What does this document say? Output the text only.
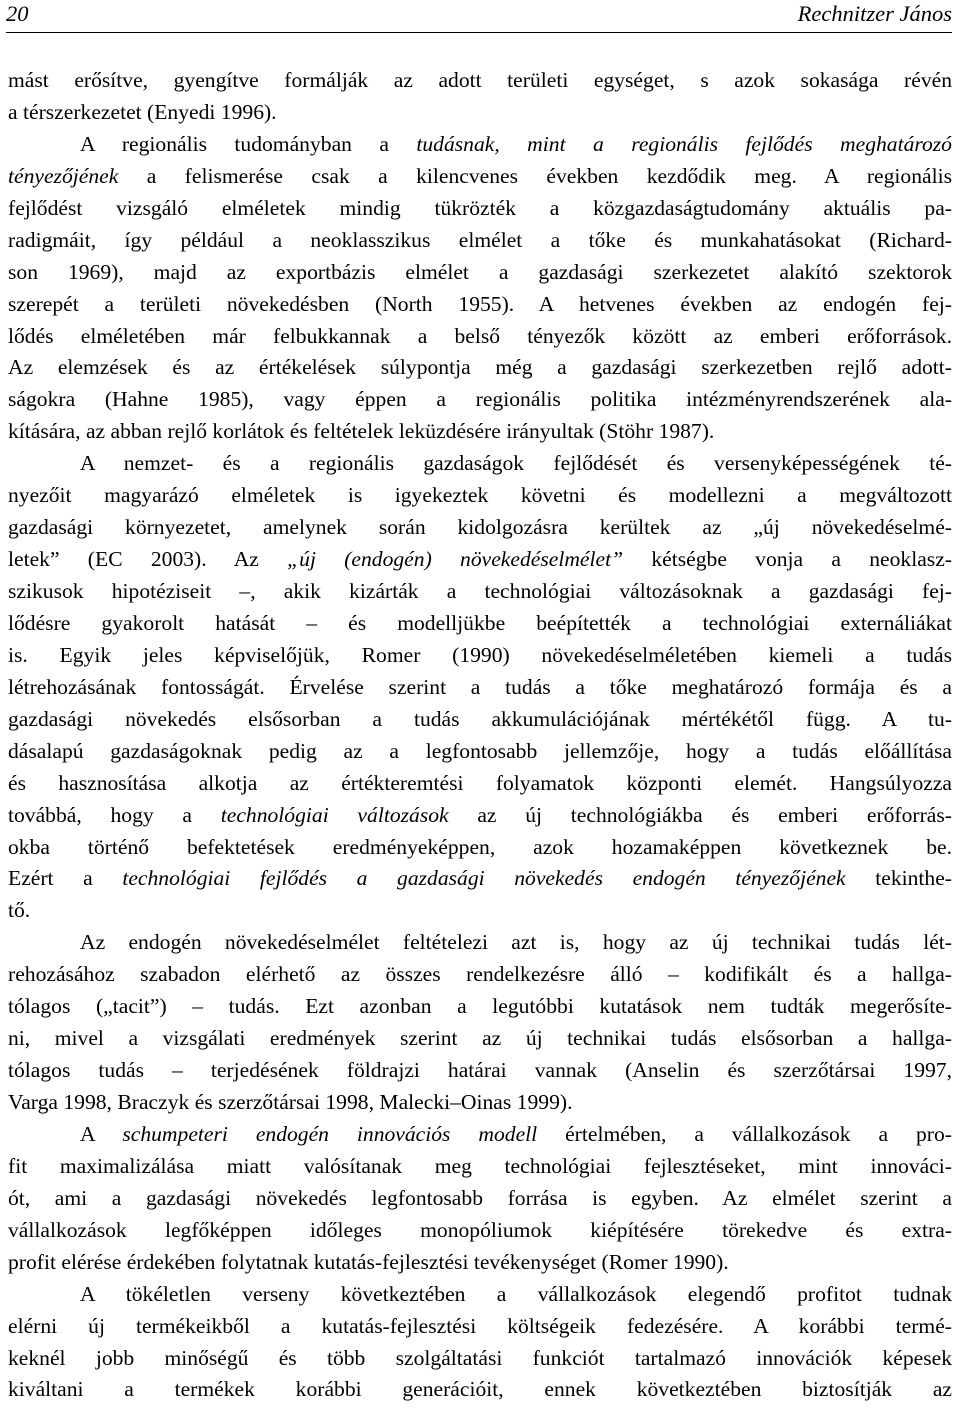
20	Rechnitzer János
mást erősítve, gyengítve formálják az adott területi egységet, s azok sokasága révén
a térszerkezetet (Enyedi 1996).
A regionális tudományban a tudásnak, mint a regionális fejlődés meghatározó
tényezőjének a felismerése csak a kilencvenes években kezdődik meg. A regionális
fejlődést vizsgáló elméletek mindig tükrözték a közgazdaságtudomány aktuális pa-
radigmáit, így például a neoklasszikus elmélet a tőke és munkahatásokat (Richard-
son 1969), majd az exportbázis elmélet a gazdasági szerkezetet alakító szektorok
szerepét a területi növekedésben (North 1955). A hetvenes években az endogén fej-
lődés elméletében már felbukkannak a belső tényezők között az emberi erőforrások.
Az elemzések és az értékelések súlypontja még a gazdasági szerkezetben rejlő adott-
ságokra (Hahne 1985), vagy éppen a regionális politika intézményrendszerének ala-
kítására, az abban rejlő korlátok és feltételek leküzdésére irányultak (Stöhr 1987).
A nemzet- és a regionális gazdaságok fejlődését és versenyképességének té-
nyezőit magyarázó elméletek is igyekeztek követni és modellezni a megváltozott
gazdasági környezetet, amelynek során kidolgozásra kerültek az „új növekedéselmé-
letek” (EC 2003). Az „új (endogén) növekedéselmélet” kétségbe vonja a neoklasz-
szikusok hipotéziseit –, akik kizárták a technológiai változásoknak a gazdasági fej-
lődésre gyakorolt hatását – és modelljükbe beépítették a technológiai externáliákat
is. Egyik jeles képviselőjük, Romer (1990) növekedéselméletében kiemeli a tudás
létrehozásának fontosságát. Érvelése szerint a tudás a tőke meghatározó formája és a
gazdasági növekedés elsősorban a tudás akkumulációjának mértékétől függ. A tu-
dásalapú gazdaságoknak pedig az a legfontosabb jellemzője, hogy a tudás előállítása
és hasznosítása alkotja az értékteremtési folyamatok központi elemét. Hangsúlyozza
továbbá, hogy a technológiai változások az új technológiákba és emberi erőforrás-
okba történő befektetések eredményeképpen, azok hozamaképpen következnek be.
Ezért a technológiai fejlődés a gazdasági növekedés endogén tényezőjének tekinthe-
tő.
Az endogén növekedéselmélet feltételezi azt is, hogy az új technikai tudás lét-
rehozásához szabadon elérhető az összes rendelkezésre álló – kodifikált és a hallga-
tólagos („tacit”) – tudás. Ezt azonban a legutóbbi kutatások nem tudták megerősíte-
ni, mivel a vizsgálati eredmények szerint az új technikai tudás elsősorban a hallga-
tólagos tudás – terjedésének földrajzi határai vannak (Anselin és szerzőtársai 1997,
Varga 1998, Braczyk és szerzőtársai 1998, Malecki–Oinas 1999).
A schumpeteri endogén innovációs modell értelmében, a vállalkozások a pro-
fit maximalizálása miatt valósítanak meg technológiai fejlesztéseket, mint innováci-
ót, ami a gazdasági növekedés legfontosabb forrása is egyben. Az elmélet szerint a
vállalkozások legfőképpen időleges monopóliumok kiépítésére törekedve és extra-
profit elérése érdekében folytatnak kutatás-fejlesztési tevékenységet (Romer 1990).
A tökéletlen verseny következtében a vállalkozások elegendő profitot tudnak
elérni új termékeikből a kutatás-fejlesztési költségeik fedezésére. A korábbi termé-
keknél jobb minőségű és több szolgáltatási funkciót tartalmazó innovációk képesek
kiváltani a termékek korábbi generációit, ennek következtében biztosítják az
